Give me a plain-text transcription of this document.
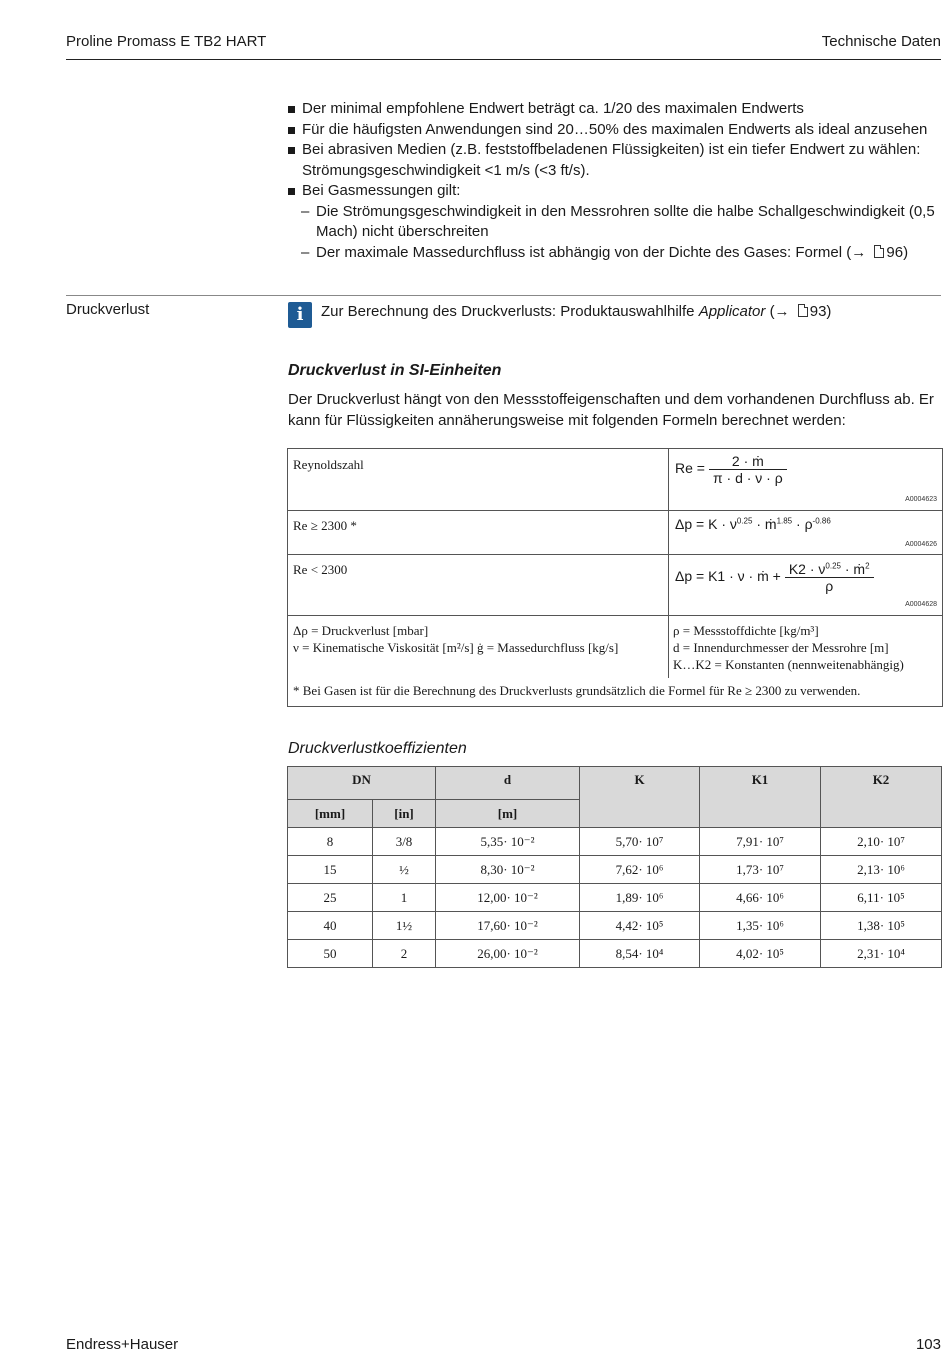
Proline Promass E TB2 HART	Technische Daten
Der minimal empfohlene Endwert beträgt ca. 1/20 des maximalen Endwerts
Für die häufigsten Anwendungen sind 20…50% des maximalen Endwerts als ideal anzusehen
Bei abrasiven Medien (z.B. feststoffbeladenen Flüssigkeiten) ist ein tiefer Endwert zu wählen: Strömungsgeschwindigkeit <1 m/s (<3 ft/s).
Bei Gasmessungen gilt:
– Die Strömungsgeschwindigkeit in den Messrohren sollte die halbe Schallgeschwindigkeit (0,5 Mach) nicht überschreiten
– Der maximale Massedurchfluss ist abhängig von der Dichte des Gases: Formel (→ 96)
Druckverlust	i	Zur Berechnung des Druckverlusts: Produktauswahlhilfe Applicator (→ 93)
Druckverlust in SI-Einheiten
Der Druckverlust hängt von den Messstoffeigenschaften und dem vorhandenen Durchfluss ab. Er kann für Flüssigkeiten annäherungsweise mit folgenden Formeln berechnet werden:
Reynoldszahl	$Re = \frac{\text{2 · ṁ}}{\pi \cdot d \cdot \nu \cdot \rho}$
A0004623
Re ≥ 2300 *	$\Delta p = K \cdot \nu^{0.25}$ · ṁ$^{1.85}$ · $\rho^{-0.86}$
A0004626
Re < 2300	Δp = K1 · ν · ṁ + $\frac{K2 \cdot \nu^{0.25} \cdot ṁ^2}{\rho}$
A0004628
Δρ = Druckverlust [mbar]
ν = Kinematische Viskosität [m²/s] ġ = Massedurchfluss [kg/s]
ρ = Messstoffdichte [kg/m³]
d = Innendurchmesser der Messrohre [m]
K…K2 = Konstanten (nennweitenabhängig)
* Bei Gasen ist für die Berechnung des Druckverlusts grundsätzlich die Formel für Re ≥ 2300 zu verwenden.
Druckverlustkoeffizienten
DN		d	K	K1	K2
[mm]	[in]	[m]			
8	3/8	5,35· 10⁻²	5,70· 10⁷	7,91· 10⁷	2,10· 10⁷
15	½	8,30· 10⁻²	7,62· 10⁶	1,73· 10⁷	2,13· 10⁶
25	1	12,00· 10⁻²	1,89· 10⁶	4,66· 10⁶	6,11· 10⁵
40	1½	17,60· 10⁻²	4,42· 10⁵	1,35· 10⁶	1,38· 10⁵
50	2	26,00· 10⁻²	8,54· 10⁴	4,02· 10⁵	2,31· 10⁴
Endress+Hauser	103
